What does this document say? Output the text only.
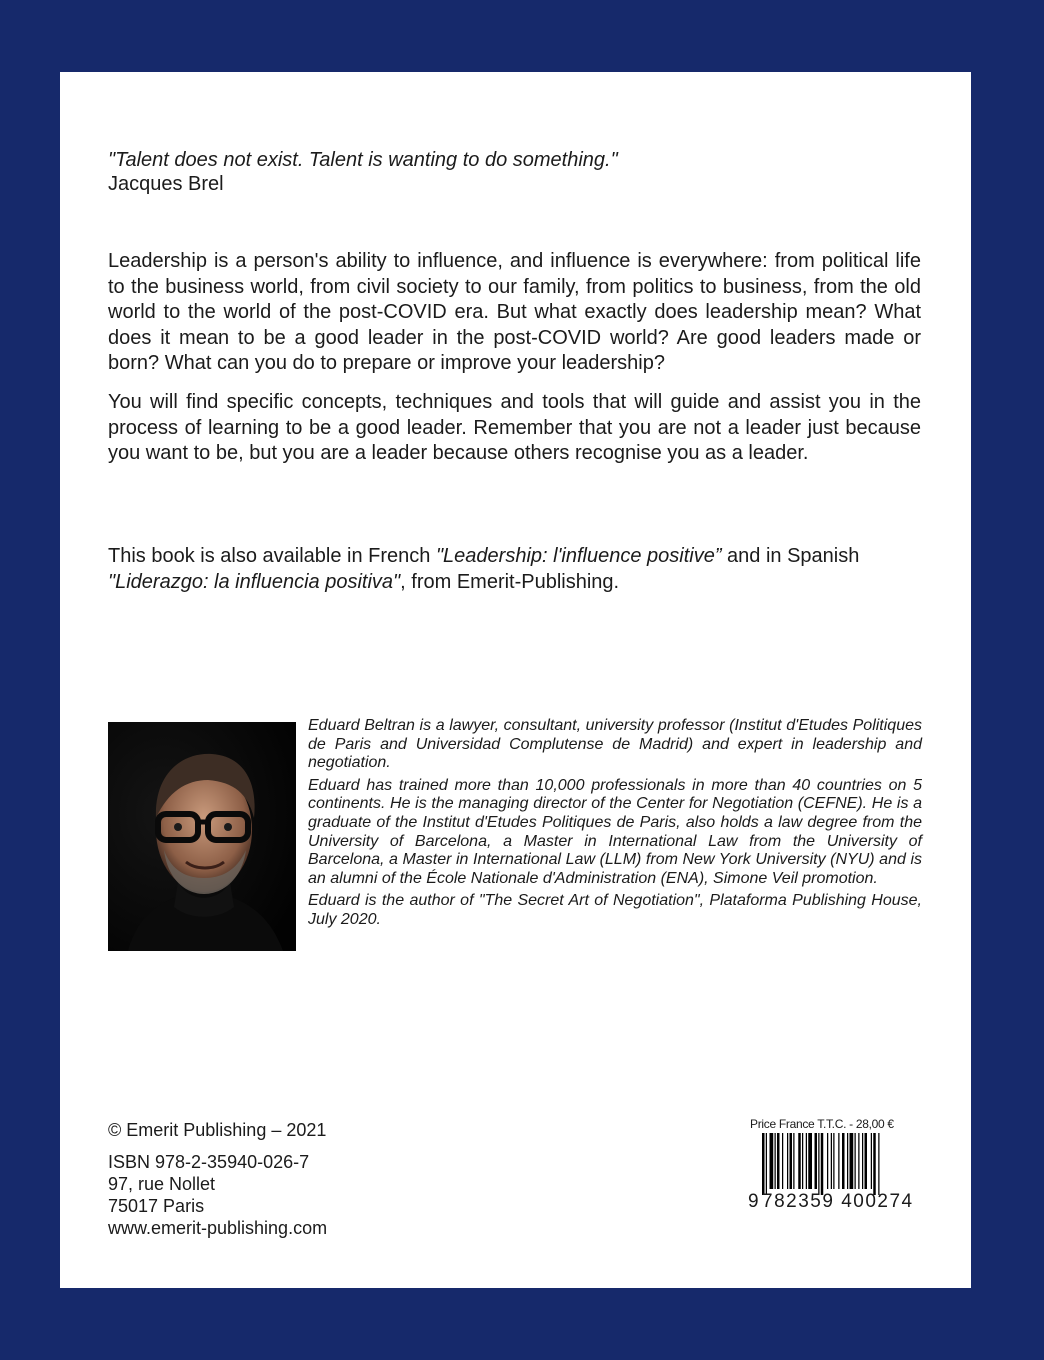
"Talent does not exist. Talent is wanting to do something."
Jacques Brel

Leadership is a person's ability to influence, and influence is everywhere: from political life to the business world, from civil society to our family, from politics to business, from the old world to the world of the post-COVID era. But what exactly does leadership mean? What does it mean to be a good leader in the post-COVID world? Are good leaders made or born? What can you do to prepare or improve your leadership?

You will find specific concepts, techniques and tools that will guide and assist you in the process of learning to be a good leader. Remember that you are not a leader just because you want to be, but you are a leader because others recognise you as a leader.

This book is also available in French "Leadership: l'influence positive” and in Spanish "Liderazgo: la influencia positiva", from Emerit-Publishing.

Eduard Beltran is a lawyer, consultant, university professor (Institut d'Etudes Politiques de Paris and Universidad Complutense de Madrid) and expert in leadership and negotiation.

Eduard has trained more than 10,000 professionals in more than 40 countries on 5 continents. He is the managing director of the Center for Negotiation (CEFNE). He is a graduate of the Institut d'Etudes Politiques de Paris, also holds a law degree from the University of Barcelona, a Master in International Law from the University of Barcelona, a Master in International Law (LLM) from New York University (NYU) and is an alumni of the École Nationale d'Administration (ENA), Simone Veil promotion.

Eduard is the author of "The Secret Art of Negotiation", Plataforma Publishing House, July 2020.

© Emerit Publishing – 2021
ISBN 978-2-35940-026-7
97, rue Nollet
75017 Paris
www.emerit-publishing.com
Price France T.T.C. - 28,00 €
9 782359 400274
